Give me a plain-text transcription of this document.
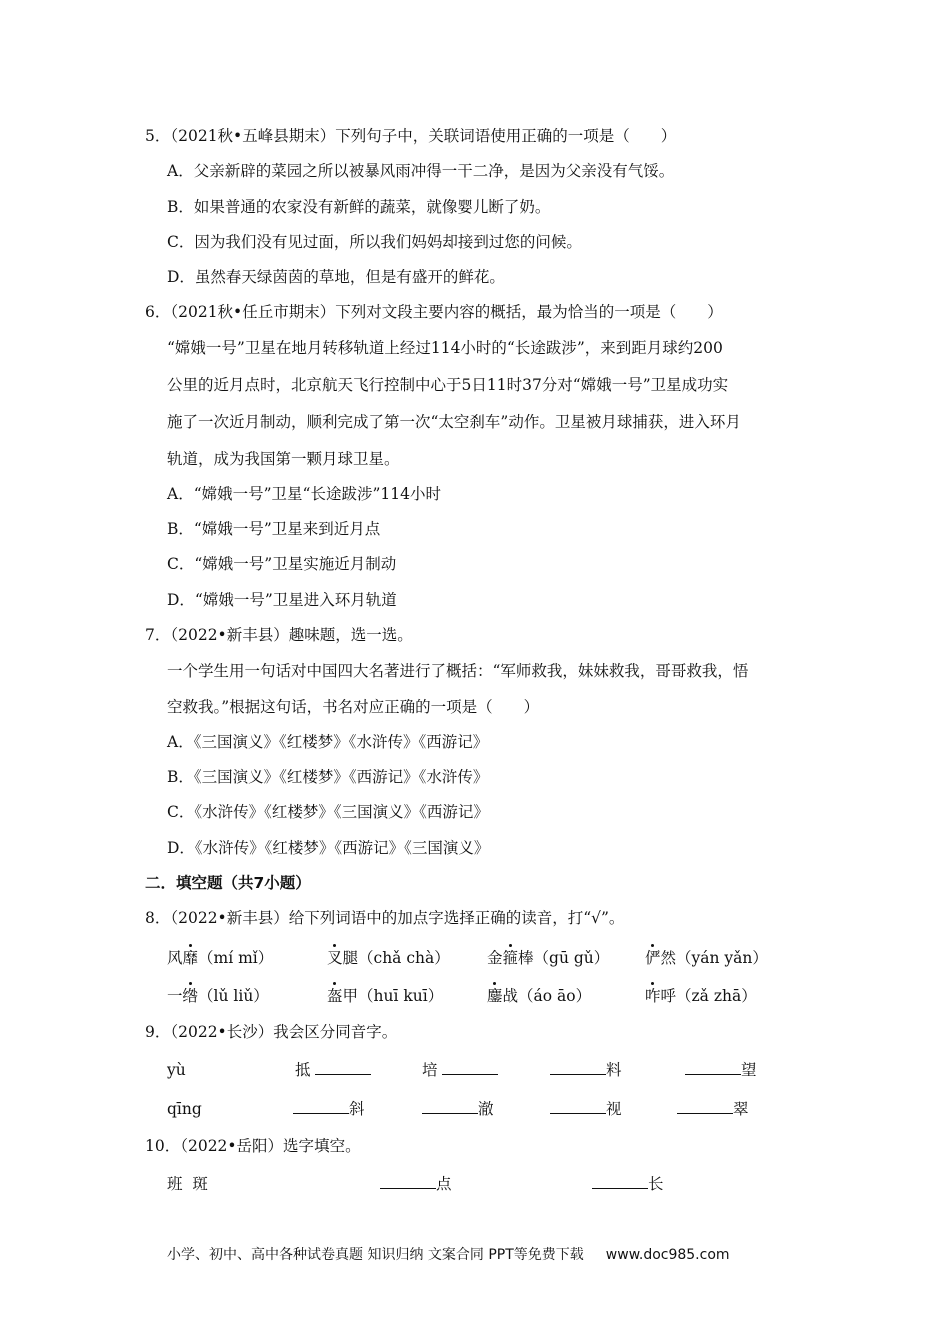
5．（2021秋•五峰县期末）下列句子中，关联词语使用正确的一项是（　　）
A．父亲新辟的菜园之所以被暴风雨冲得一干二净，是因为父亲没有气馁。
B．如果普通的农家没有新鲜的蔬菜，就像婴儿断了奶。
C．因为我们没有见过面，所以我们妈妈却接到过您的问候。
D．虽然春天绿茵茵的草地，但是有盛开的鲜花。
6．（2021秋•任丘市期末）下列对文段主要内容的概括，最为恰当的一项是（　　）
“嫦娥一号”卫星在地月转移轨道上经过114小时的“长途跋涉”，来到距月球约200
公里的近月点时，北京航天飞行控制中心于5日11时37分对“嫦娥一号”卫星成功实
施了一次近月制动，顺利完成了第一次“太空刹车”动作。卫星被月球捕获，进入环月
轨道，成为我国第一颗月球卫星。
A．“嫦娥一号”卫星“长途跋涉”114小时
B．“嫦娥一号”卫星来到近月点
C．“嫦娥一号”卫星实施近月制动
D．“嫦娥一号”卫星进入环月轨道
7．（2022•新丰县）趣味题，选一选。
一个学生用一句话对中国四大名著进行了概括：“军师救我，妹妹救我，哥哥救我，悟
空救我。”根据这句话，书名对应正确的一项是（　　）
A．《三国演义》《红楼梦》《水浒传》《西游记》
B．《三国演义》《红楼梦》《西游记》《水浒传》
C．《水浒传》《红楼梦》《三国演义》《西游记》
D．《水浒传》《红楼梦》《西游记》《三国演义》
二．填空题（共7小题）
8．（2022•新丰县）给下列词语中的加点字选择正确的读音，打“√”。
风靡（mí mǐ）	叉腿（chǎ chà） 金箍棒（gū gǔ） 俨然（yán yǎn）
一绺（lǔ liǔ）	盔甲（huī kuī）	鏖战（áo āo）	咋呼（zǎ zhā）
9．（2022•长沙）我会区分同音字。
yù	抵	培	料	望
qīng	斜	澈	视	翠
10．（2022•岳阳）选字填空。
班  斑	点	长
小学、初中、高中各种试卷真题 知识归纳 文案合同 PPT等免费下载 www.doc985.com
